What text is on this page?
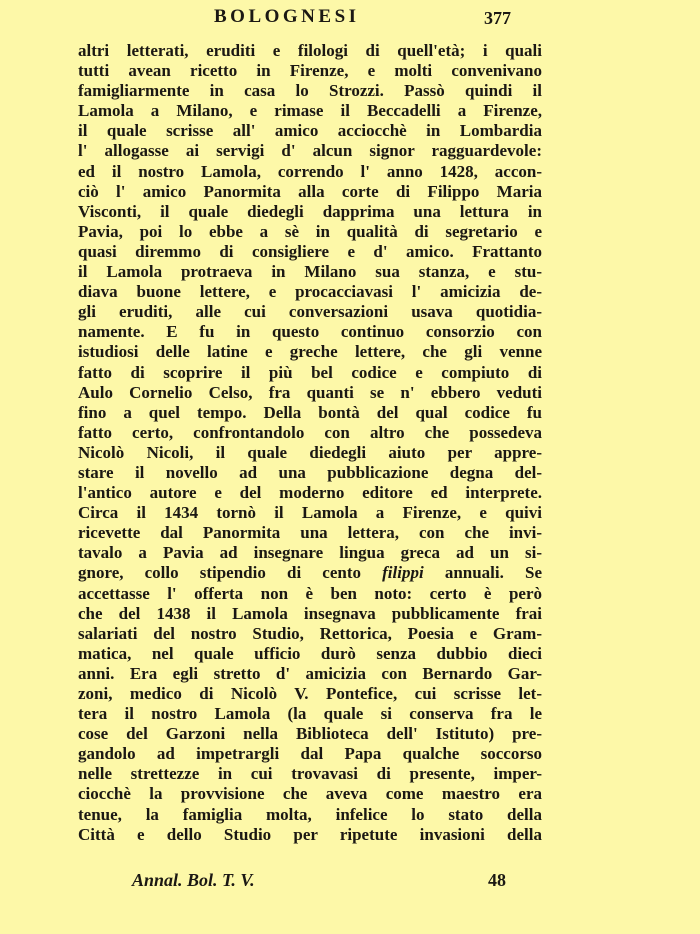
BOLOGNESI	377
altri letterati, eruditi e filologi di quell'età; i quali
tutti avean ricetto in Firenze, e molti convenivano
famigliarmente in casa lo Strozzi. Passò quindi il
Lamola a Milano, e rimase il Beccadelli a Firenze,
il quale scrisse all' amico acciocchè in Lombardia
l' allogasse ai servigi d' alcun signor ragguardevole:
ed il nostro Lamola, correndo l' anno 1428, accon-
ciò l' amico Panormita alla corte di Filippo Maria
Visconti, il quale diedegli dapprima una lettura in
Pavia, poi lo ebbe a sè in qualità di segretario e
quasi diremmo di consigliere e d' amico. Frattanto
il Lamola protraeva in Milano sua stanza, e stu-
diava buone lettere, e procacciavasi l' amicizia de-
gli eruditi, alle cui conversazioni usava quotidia-
namente. E fu in questo continuo consorzio con
istudiosi delle latine e greche lettere, che gli venne
fatto di scoprire il più bel codice e compiuto di
Aulo Cornelio Celso, fra quanti se n' ebbero veduti
fino a quel tempo. Della bontà del qual codice fu
fatto certo, confrontandolo con altro che possedeva
Nicolò Nicoli, il quale diedegli aiuto per appre-
stare il novello ad una pubblicazione degna del-
l'antico autore e del moderno editore ed interprete.
Circa il 1434 tornò il Lamola a Firenze, e quivi
ricevette dal Panormita una lettera, con che invi-
tavalo a Pavia ad insegnare lingua greca ad un si-
gnore, collo stipendio di cento filippi annuali. Se
accettasse l' offerta non è ben noto: certo è però
che del 1438 il Lamola insegnava pubblicamente frai
salariati del nostro Studio, Rettorica, Poesia e Gram-
matica, nel quale ufficio durò senza dubbio dieci
anni. Era egli stretto d' amicizia con Bernardo Gar-
zoni, medico di Nicolò V. Pontefice, cui scrisse let-
tera il nostro Lamola (la quale si conserva fra le
cose del Garzoni nella Biblioteca dell' Istituto) pre-
gandolo ad impetrargli dal Papa qualche soccorso
nelle strettezze in cui trovavasi di presente, imper-
ciocchè la provvisione che aveva come maestro era
tenue, la famiglia molta, infelice lo stato della
Città e dello Studio per ripetute invasioni della
Annal. Bol. T. V.	48
